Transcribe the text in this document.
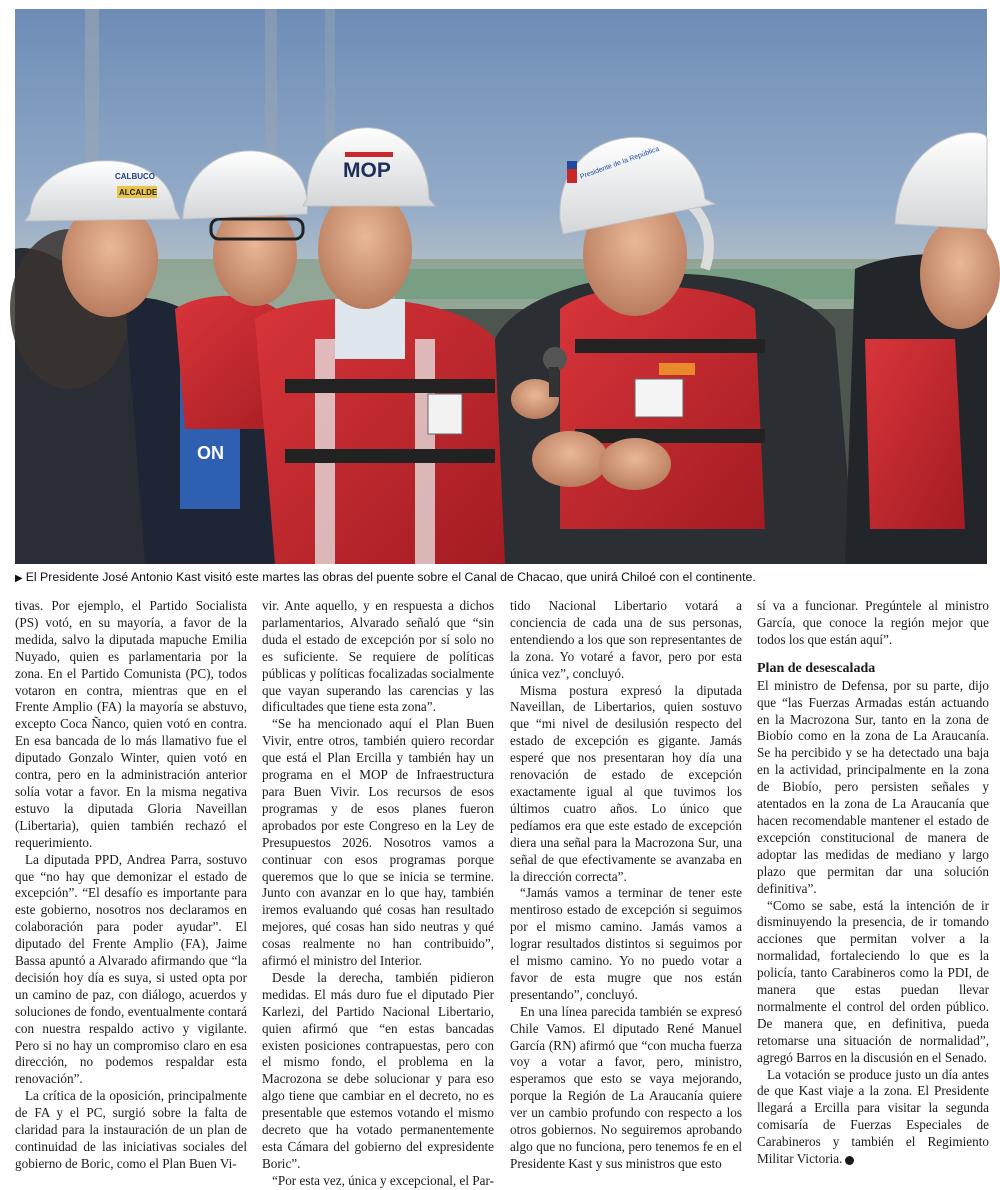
ON
CALBUCO
ALCALDE
MOP	Presidente de la República
▶ El Presidente José Antonio Kast visitó este martes las obras del puente sobre el Canal de Chacao, que unirá Chiloé con el continente.

tivas. Por ejemplo, el Partido Socialista (PS) votó, en su mayoría, a favor de la medida, salvo la diputada mapuche Emilia Nuyado, quien es parlamentaria por la zona. En el Partido Comunista (PC), todos votaron en contra, mientras que en el Frente Amplio (FA) la mayoría se abstuvo, excepto Coca Ñanco, quien votó en contra. En esa bancada de lo más llamativo fue el diputado Gonzalo Winter, quien votó en contra, pero en la administración anterior solía votar a favor. En la misma negativa estuvo la diputada Gloria Naveillan (Libertaria), quien también rechazó el requerimiento.

La diputada PPD, Andrea Parra, sostuvo que “no hay que demonizar el estado de excepción”. “El desafío es importante para este gobierno, nosotros nos declaramos en colaboración para poder ayudar”. El diputado del Frente Amplio (FA), Jaime Bassa apuntó a Alvarado afirmando que “la decisión hoy día es suya, si usted opta por un camino de paz, con diálogo, acuerdos y soluciones de fondo, eventualmente contará con nuestra respaldo activo y vigilante. Pero si no hay un compromiso claro en esa dirección, no podemos respaldar esta renovación”.

La crítica de la oposición, principalmente de FA y el PC, surgió sobre la falta de claridad para la instauración de un plan de continuidad de las iniciativas sociales del gobierno de Boric, como el Plan Buen Vi-

vir. Ante aquello, y en respuesta a dichos parlamentarios, Alvarado señaló que “sin duda el estado de excepción por sí solo no es suficiente. Se requiere de políticas públicas y políticas focalizadas socialmente que vayan superando las carencias y las dificultades que tiene esta zona”.

“Se ha mencionado aquí el Plan Buen Vivir, entre otros, también quiero recordar que está el Plan Ercilla y también hay un programa en el MOP de Infraestructura para Buen Vivir. Los recursos de esos programas y de esos planes fueron aprobados por este Congreso en la Ley de Presupuestos 2026. Nosotros vamos a continuar con esos programas porque queremos que lo que se inicia se termine. Junto con avanzar en lo que hay, también iremos evaluando qué cosas han resultado mejores, qué cosas han sido neutras y qué cosas realmente no han contribuido”, afirmó el ministro del Interior.

Desde la derecha, también pidieron medidas. El más duro fue el diputado Pier Karlezi, del Partido Nacional Libertario, quien afirmó que “en estas bancadas existen posiciones contrapuestas, pero con el mismo fondo, el problema en la Macrozona se debe solucionar y para eso algo tiene que cambiar en el decreto, no es presentable que estemos votando el mismo decreto que ha votado permanentemente esta Cámara del gobierno del expresidente Boric”.

“Por esta vez, única y excepcional, el Par-

tido Nacional Libertario votará a conciencia de cada una de sus personas, entendiendo a los que son representantes de la zona. Yo votaré a favor, pero por esta única vez”, concluyó.

Misma postura expresó la diputada Naveillan, de Libertarios, quien sostuvo que “mi nivel de desilusión respecto del estado de excepción es gigante. Jamás esperé que nos presentaran hoy día una renovación de estado de excepción exactamente igual al que tuvimos los últimos cuatro años. Lo único que pedíamos era que este estado de excepción diera una señal para la Macrozona Sur, una señal de que efectivamente se avanzaba en la dirección correcta”.

“Jamás vamos a terminar de tener este mentiroso estado de excepción si seguimos por el mismo camino. Jamás vamos a lograr resultados distintos si seguimos por el mismo camino. Yo no puedo votar a favor de esta mugre que nos están presentando”, concluyó.

En una línea parecida también se expresó Chile Vamos. El diputado René Manuel García (RN) afirmó que “con mucha fuerza voy a votar a favor, pero, ministro, esperamos que esto se vaya mejorando, porque la Región de La Araucanía quiere ver un cambio profundo con respecto a los otros gobiernos. No seguiremos aprobando algo que no funciona, pero tenemos fe en el Presidente Kast y sus ministros que esto

sí va a funcionar. Pregúntele al ministro García, que conoce la región mejor que todos los que están aquí”.

Plan de desescalada

El ministro de Defensa, por su parte, dijo que “las Fuerzas Armadas están actuando en la Macrozona Sur, tanto en la zona de Biobío como en la zona de La Araucanía. Se ha percibido y se ha detectado una baja en la actividad, principalmente en la zona de Biobío, pero persisten señales y atentados en la zona de La Araucanía que hacen recomendable mantener el estado de excepción constitucional de manera de adoptar las medidas de mediano y largo plazo que permitan dar una solución definitiva”.

“Como se sabe, está la intención de ir disminuyendo la presencia, de ir tomando acciones que permitan volver a la normalidad, fortaleciendo lo que es la policía, tanto Carabineros como la PDI, de manera que estas puedan llevar normalmente el control del orden público. De manera que, en definitiva, pueda retomarse una situación de normalidad”, agregó Barros en la discusión en el Senado.

La votación se produce justo un día antes de que Kast viaje a la zona. El Presidente llegará a Ercilla para visitar la segunda comisaría de Fuerzas Especiales de Carabineros y también el Regimiento Militar Victoria.
